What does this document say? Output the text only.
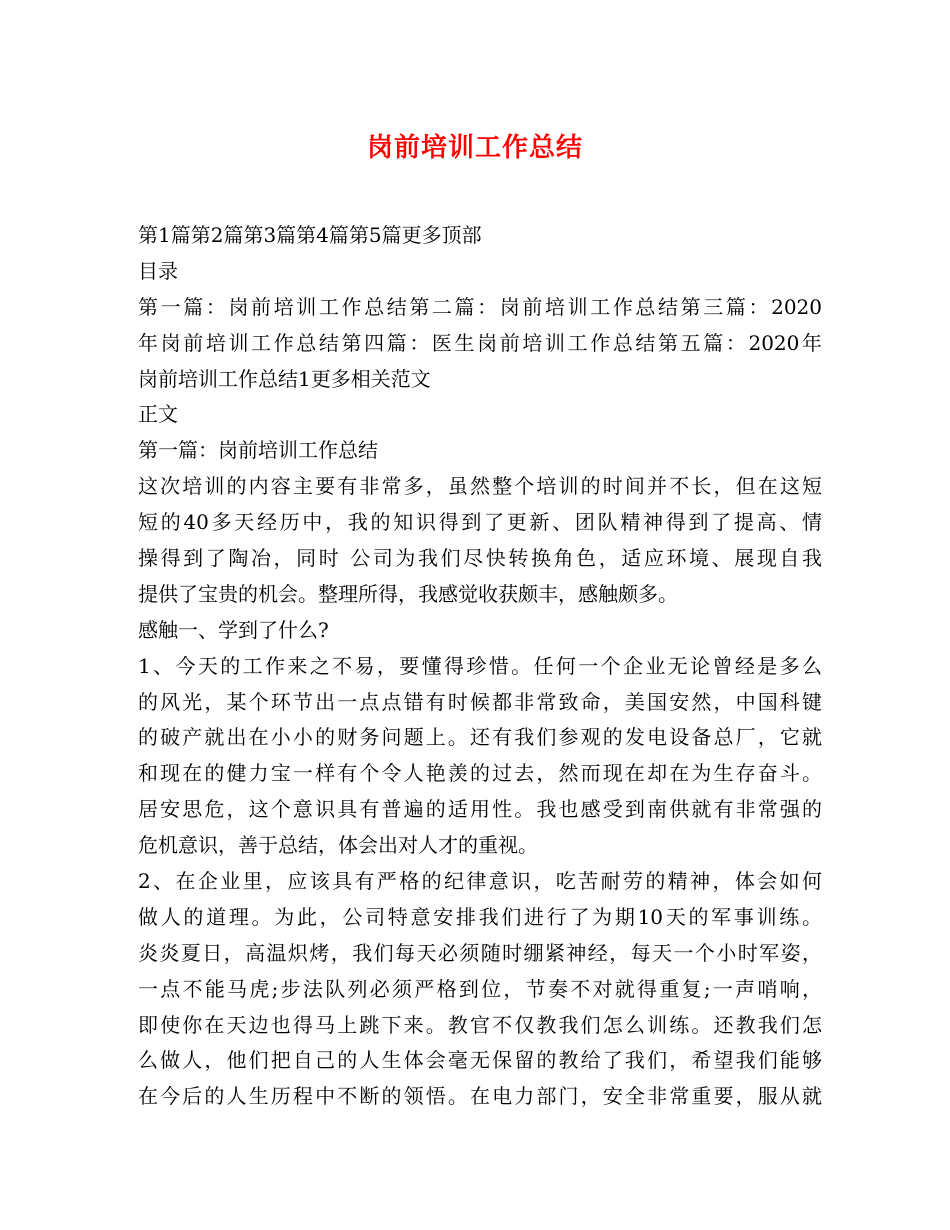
岗前培训工作总结

第1篇第2篇第3篇第4篇第5篇更多顶部

目录

第一篇：岗前培训工作总结第二篇：岗前培训工作总结第三篇：2020

年岗前培训工作总结第四篇：医生岗前培训工作总结第五篇：2020年

岗前培训工作总结1更多相关范文

正文

第一篇：岗前培训工作总结

这次培训的内容主要有非常多，虽然整个培训的时间并不长，但在这短

短的40多天经历中，我的知识得到了更新、团队精神得到了提高、情

操得到了陶冶，同时 公司为我们尽快转换角色，适应环境、展现自我

提供了宝贵的机会。整理所得，我感觉收获颇丰，感触颇多。

感触一、学到了什么?

1、今天的工作来之不易，要懂得珍惜。任何一个企业无论曾经是多么

的风光，某个环节出一点点错有时候都非常致命，美国安然，中国科键

的破产就出在小小的财务问题上。还有我们参观的发电设备总厂，它就

和现在的健力宝一样有个令人艳羡的过去，然而现在却在为生存奋斗。

居安思危，这个意识具有普遍的适用性。我也感受到南供就有非常强的

危机意识，善于总结，体会出对人才的重视。

2、在企业里，应该具有严格的纪律意识，吃苦耐劳的精神，体会如何

做人的道理。为此，公司特意安排我们进行了为期10天的军事训练。

炎炎夏日，高温炽烤，我们每天必须随时绷紧神经，每天一个小时军姿，

一点不能马虎;步法队列必须严格到位，节奏不对就得重复;一声哨响，

即使你在天边也得马上跳下来。教官不仅教我们怎么训练。还教我们怎

么做人，他们把自己的人生体会毫无保留的教给了我们，希望我们能够

在今后的人生历程中不断的领悟。在电力部门，安全非常重要，服从就
